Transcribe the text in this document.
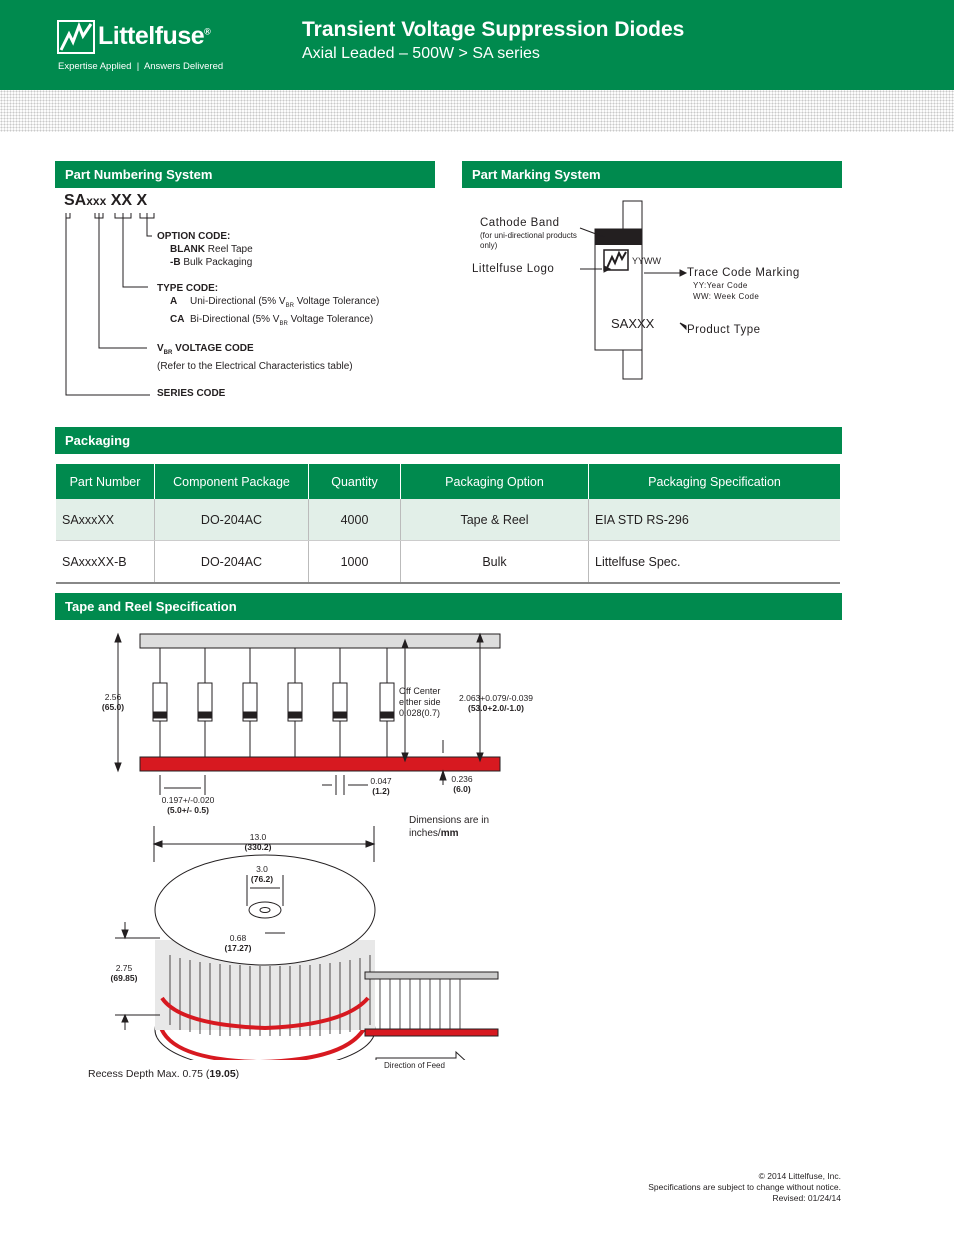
Littelfuse®
Expertise Applied  |  Answers Delivered
Transient Voltage Suppression Diodes
Axial Leaded – 500W > SA series
Part Numbering System
SAxxx XX X
OPTION CODE:
BLANK Reel Tape
-B Bulk Packaging
TYPE CODE:
A Uni-Directional (5% $V_{BR}$ Voltage Tolerance)
CA Bi-Directional (5% $V_{BR}$ Voltage Tolerance)
$V_{BR}$ VOLTAGE CODE
(Refer to the Electrical Characteristics table)
SERIES CODE
Part Marking System
YYWW
SAXXX
Cathode Band
(for uni-directional products only)
Littelfuse Logo	Trace Code Marking
YY:Year Code
WW: Week Code
Product Type
Packaging
Part Number	Component Package	Quantity	Packaging Option	Packaging Specification
SAxxxXX	DO-204AC	4000	Tape & Reel	EIA STD RS-296
SAxxxXX-B	DO-204AC	1000	Bulk	Littelfuse Spec.
Tape and Reel Specification
2.56
(65.0)
Off Center
either side
0.028(0.7)
2.063+0.079/-0.039
(53.0+2.0/-1.0)
0.047
(1.2)
0.236
(6.0)
0.197+/-0.020
(5.0+/- 0.5)
13.0
(330.2)
3.0
(76.2)
0.68
(17.27)
2.75
(69.85)
Dimensions are in
inches/mm
Direction of Feed
Recess Depth Max. 0.75 (19.05)
© 2014 Littelfuse, Inc.
Specifications are subject to change without notice.
Revised: 01/24/14
